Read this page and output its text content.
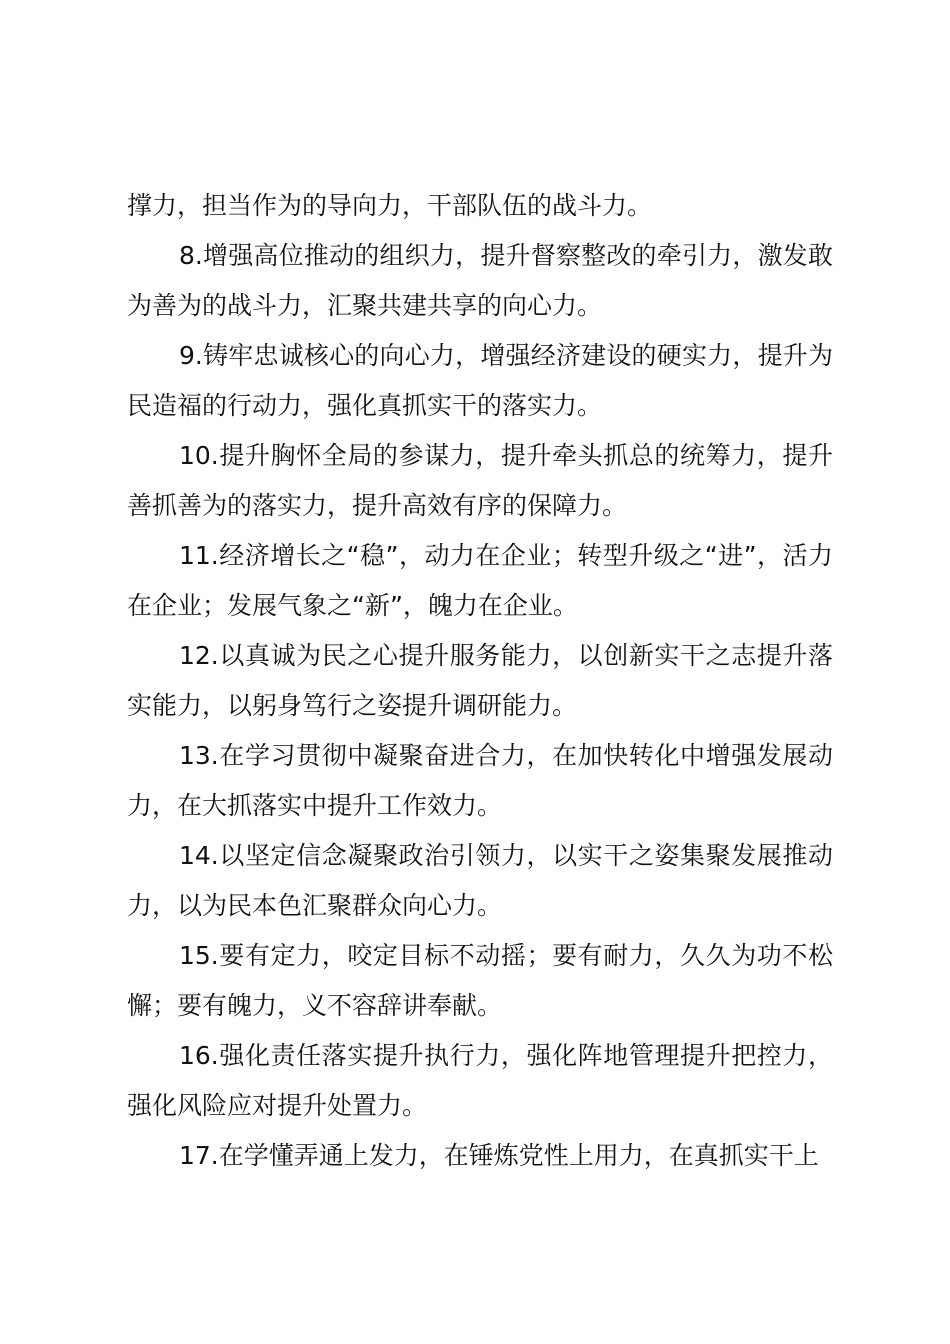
撑力，担当作为的导向力，干部队伍的战斗力。

8.增强高位推动的组织力，提升督察整改的牵引力，激发敢为善为的战斗力，汇聚共建共享的向心力。

9.铸牢忠诚核心的向心力，增强经济建设的硬实力，提升为民造福的行动力，强化真抓实干的落实力。

10.提升胸怀全局的参谋力，提升牵头抓总的统筹力，提升善抓善为的落实力，提升高效有序的保障力。

11.经济增长之“稳”，动力在企业；转型升级之“进”，活力在企业；发展气象之“新”，魄力在企业。

12.以真诚为民之心提升服务能力，以创新实干之志提升落实能力，以躬身笃行之姿提升调研能力。

13.在学习贯彻中凝聚奋进合力，在加快转化中增强发展动力，在大抓落实中提升工作效力。

14.以坚定信念凝聚政治引领力，以实干之姿集聚发展推动力，以为民本色汇聚群众向心力。

15.要有定力，咬定目标不动摇；要有耐力，久久为功不松懈；要有魄力，义不容辞讲奉献。

16.强化责任落实提升执行力，强化阵地管理提升把控力，强化风险应对提升处置力。

17.在学懂弄通上发力，在锤炼党性上用力，在真抓实干上
